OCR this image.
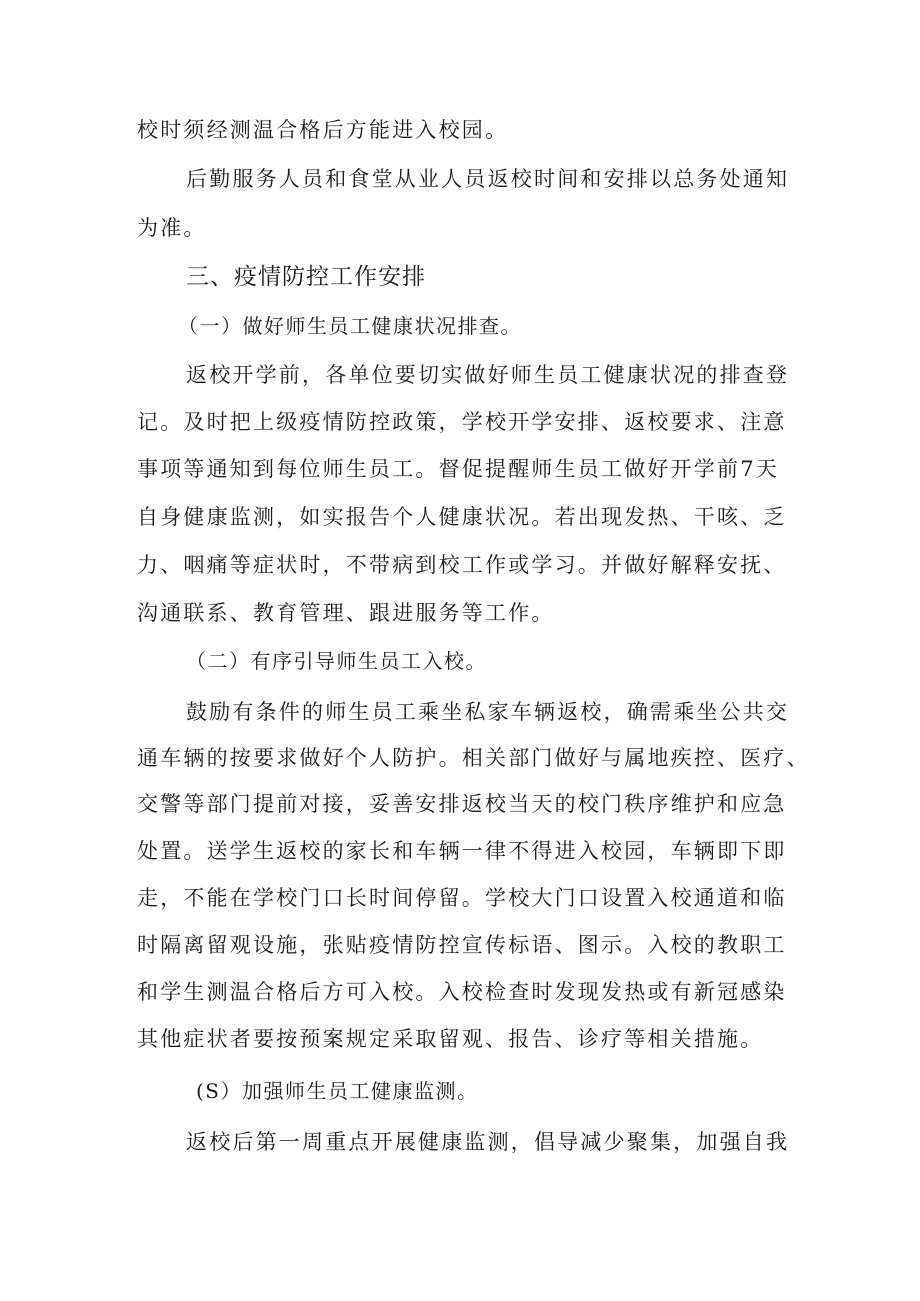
校时须经测温合格后方能进入校园。
后勤服务人员和食堂从业人员返校时间和安排以总务处通知
为准。
三、疫情防控工作安排
（一）做好师生员工健康状况排查。
返校开学前，各单位要切实做好师生员工健康状况的排查登
记。及时把上级疫情防控政策，学校开学安排、返校要求、注意
事项等通知到每位师生员工。督促提醒师生员工做好开学前7天
自身健康监测，如实报告个人健康状况。若出现发热、干咳、乏
力、咽痛等症状时，不带病到校工作或学习。并做好解释安抚、
沟通联系、教育管理、跟进服务等工作。
（二）有序引导师生员工入校。
鼓励有条件的师生员工乘坐私家车辆返校，确需乘坐公共交
通车辆的按要求做好个人防护。相关部门做好与属地疾控、医疗、
交警等部门提前对接，妥善安排返校当天的校门秩序维护和应急
处置。送学生返校的家长和车辆一律不得进入校园，车辆即下即
走，不能在学校门口长时间停留。学校大门口设置入校通道和临
时隔离留观设施，张贴疫情防控宣传标语、图示。入校的教职工
和学生测温合格后方可入校。入校检查时发现发热或有新冠感染
其他症状者要按预案规定采取留观、报告、诊疗等相关措施。
(S）加强师生员工健康监测。
返校后第一周重点开展健康监测，倡导减少聚集，加强自我
